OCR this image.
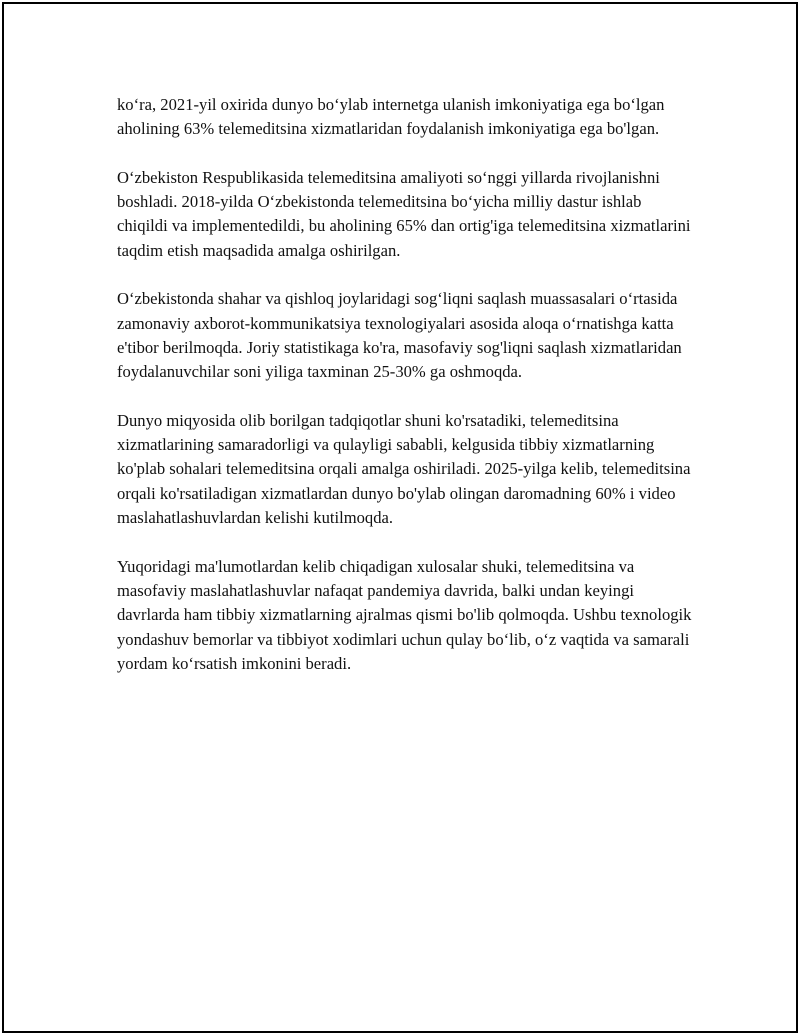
ko‘ra, 2021-yil oxirida dunyo bo‘ylab internetga ulanish imkoniyatiga ega bo‘lgan aholining 63% telemeditsina xizmatlaridan foydalanish imkoniyatiga ega bo'lgan.

O‘zbekiston Respublikasida telemeditsina amaliyoti so‘nggi yillarda rivojlanishni boshladi. 2018-yilda O‘zbekistonda telemeditsina bo‘yicha milliy dastur ishlab chiqildi va implementedildi, bu aholining 65% dan ortig'iga telemeditsina xizmatlarini taqdim etish maqsadida amalga oshirilgan.

O‘zbekistonda shahar va qishloq joylaridagi sog‘liqni saqlash muassasalari o‘rtasida zamonaviy axborot-kommunikatsiya texnologiyalari asosida aloqa o‘rnatishga katta e'tibor berilmoqda. Joriy statistikaga ko'ra, masofaviy sog'liqni saqlash xizmatlaridan foydalanuvchilar soni yiliga taxminan 25-30% ga oshmoqda.

Dunyo miqyosida olib borilgan tadqiqotlar shuni ko'rsatadiki, telemeditsina xizmatlarining samaradorligi va qulayligi sababli, kelgusida tibbiy xizmatlarning ko'plab sohalari telemeditsina orqali amalga oshiriladi. 2025-yilga kelib, telemeditsina orqali ko'rsatiladigan xizmatlardan dunyo bo'ylab olingan daromadning 60% i video maslahatlashuvlardan kelishi kutilmoqda.

Yuqoridagi ma'lumotlardan kelib chiqadigan xulosalar shuki, telemeditsina va masofaviy maslahatlashuvlar nafaqat pandemiya davrida, balki undan keyingi davrlarda ham tibbiy xizmatlarning ajralmas qismi bo'lib qolmoqda. Ushbu texnologik yondashuv bemorlar va tibbiyot xodimlari uchun qulay bo‘lib, o‘z vaqtida va samarali yordam ko‘rsatish imkonini beradi.
